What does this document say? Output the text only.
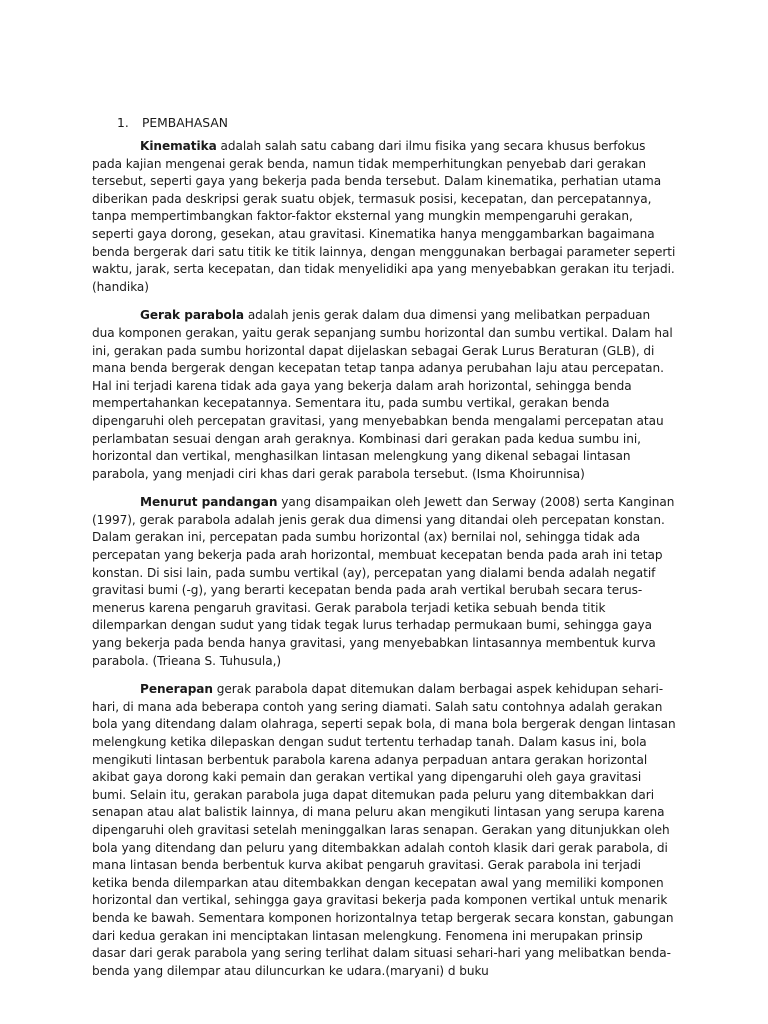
1.	PEMBAHASAN

Kinematika adalah salah satu cabang dari ilmu fisika yang secara khusus berfokus pada kajian mengenai gerak benda, namun tidak memperhitungkan penyebab dari gerakan tersebut, seperti gaya yang bekerja pada benda tersebut. Dalam kinematika, perhatian utama diberikan pada deskripsi gerak suatu objek, termasuk posisi, kecepatan, dan percepatannya, tanpa mempertimbangkan faktor-faktor eksternal yang mungkin mempengaruhi gerakan, seperti gaya dorong, gesekan, atau gravitasi. Kinematika hanya menggambarkan bagaimana benda bergerak dari satu titik ke titik lainnya, dengan menggunakan berbagai parameter seperti waktu, jarak, serta kecepatan, dan tidak menyelidiki apa yang menyebabkan gerakan itu terjadi. (handika)

Gerak parabola adalah jenis gerak dalam dua dimensi yang melibatkan perpaduan dua komponen gerakan, yaitu gerak sepanjang sumbu horizontal dan sumbu vertikal. Dalam hal ini, gerakan pada sumbu horizontal dapat dijelaskan sebagai Gerak Lurus Beraturan (GLB), di mana benda bergerak dengan kecepatan tetap tanpa adanya perubahan laju atau percepatan. Hal ini terjadi karena tidak ada gaya yang bekerja dalam arah horizontal, sehingga benda mempertahankan kecepatannya. Sementara itu, pada sumbu vertikal, gerakan benda dipengaruhi oleh percepatan gravitasi, yang menyebabkan benda mengalami percepatan atau perlambatan sesuai dengan arah geraknya. Kombinasi dari gerakan pada kedua sumbu ini, horizontal dan vertikal, menghasilkan lintasan melengkung yang dikenal sebagai lintasan parabola, yang menjadi ciri khas dari gerak parabola tersebut. (Isma Khoirunnisa)

Menurut pandangan yang disampaikan oleh Jewett dan Serway (2008) serta Kanginan (1997), gerak parabola adalah jenis gerak dua dimensi yang ditandai oleh percepatan konstan. Dalam gerakan ini, percepatan pada sumbu horizontal (ax) bernilai nol, sehingga tidak ada percepatan yang bekerja pada arah horizontal, membuat kecepatan benda pada arah ini tetap konstan. Di sisi lain, pada sumbu vertikal (ay), percepatan yang dialami benda adalah negatif gravitasi bumi (-g), yang berarti kecepatan benda pada arah vertikal berubah secara terus-menerus karena pengaruh gravitasi. Gerak parabola terjadi ketika sebuah benda titik dilemparkan dengan sudut yang tidak tegak lurus terhadap permukaan bumi, sehingga gaya yang bekerja pada benda hanya gravitasi, yang menyebabkan lintasannya membentuk kurva parabola. (Trieana S. Tuhusula,)

Penerapan gerak parabola dapat ditemukan dalam berbagai aspek kehidupan sehari-hari, di mana ada beberapa contoh yang sering diamati. Salah satu contohnya adalah gerakan bola yang ditendang dalam olahraga, seperti sepak bola, di mana bola bergerak dengan lintasan melengkung ketika dilepaskan dengan sudut tertentu terhadap tanah. Dalam kasus ini, bola mengikuti lintasan berbentuk parabola karena adanya perpaduan antara gerakan horizontal akibat gaya dorong kaki pemain dan gerakan vertikal yang dipengaruhi oleh gaya gravitasi bumi. Selain itu, gerakan parabola juga dapat ditemukan pada peluru yang ditembakkan dari senapan atau alat balistik lainnya, di mana peluru akan mengikuti lintasan yang serupa karena dipengaruhi oleh gravitasi setelah meninggalkan laras senapan. Gerakan yang ditunjukkan oleh bola yang ditendang dan peluru yang ditembakkan adalah contoh klasik dari gerak parabola, di mana lintasan benda berbentuk kurva akibat pengaruh gravitasi. Gerak parabola ini terjadi ketika benda dilemparkan atau ditembakkan dengan kecepatan awal yang memiliki komponen horizontal dan vertikal, sehingga gaya gravitasi bekerja pada komponen vertikal untuk menarik benda ke bawah. Sementara komponen horizontalnya tetap bergerak secara konstan, gabungan dari kedua gerakan ini menciptakan lintasan melengkung. Fenomena ini merupakan prinsip dasar dari gerak parabola yang sering terlihat dalam situasi sehari-hari yang melibatkan benda-benda yang dilempar atau diluncurkan ke udara.(maryani) d buku
